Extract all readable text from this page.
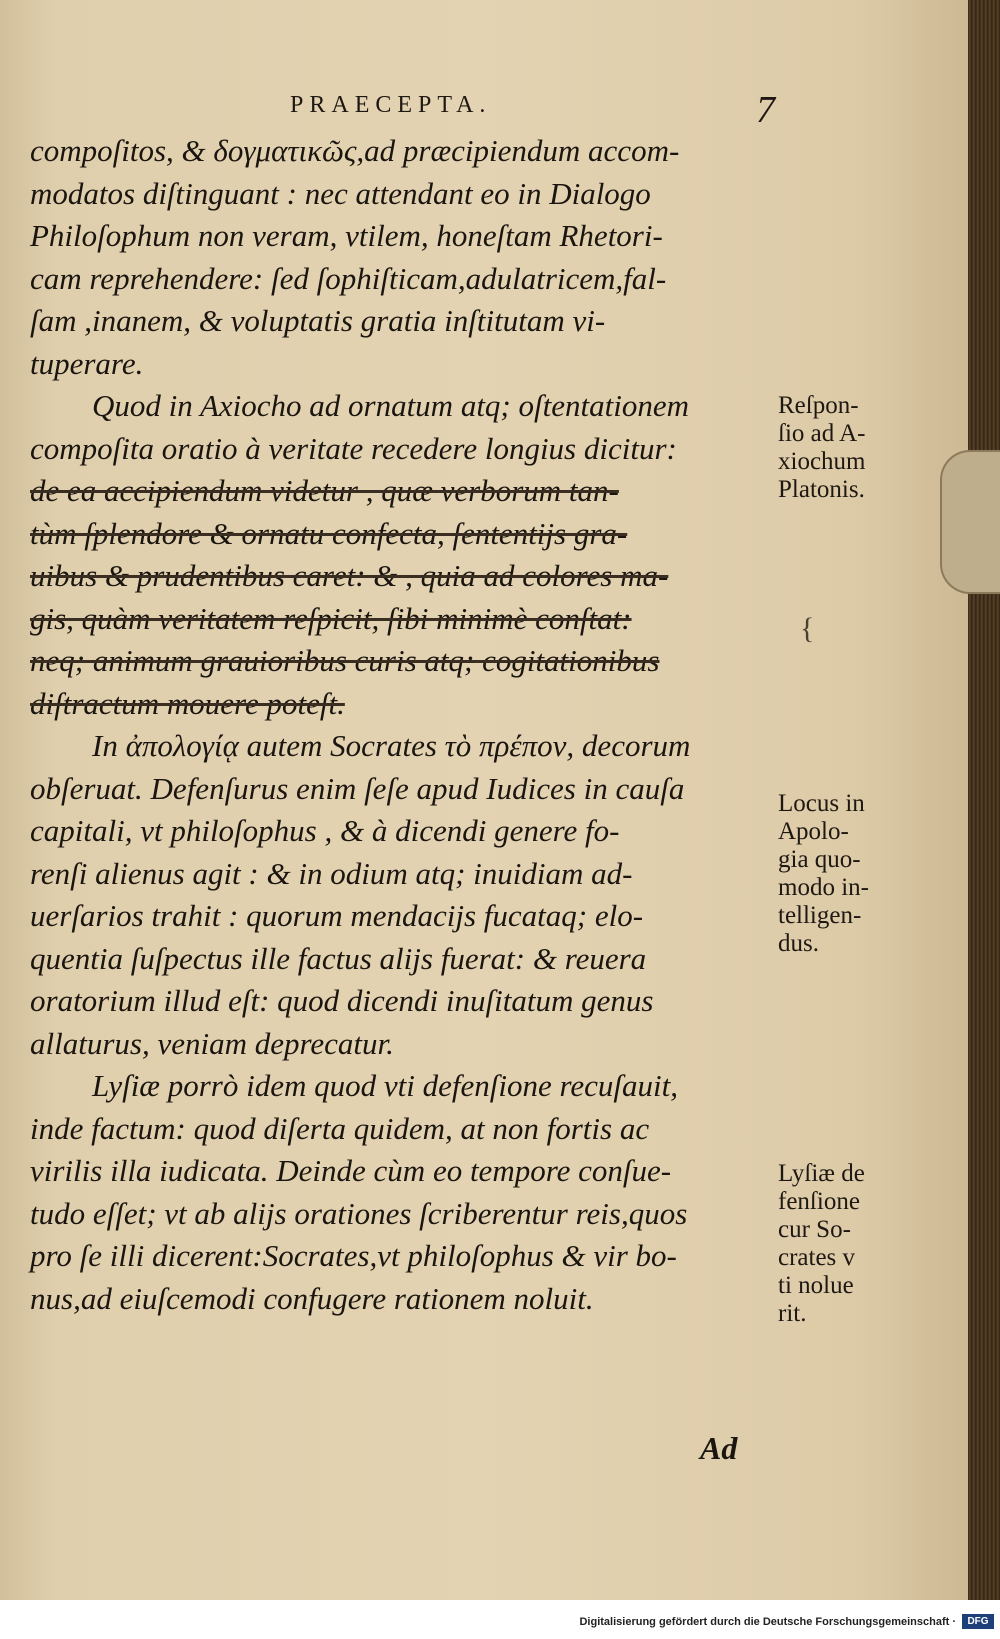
PRAECEPTA.	7
compoſitos, & δογματικῶς,ad præcipiendum accom-
modatos diſtinguant : nec attendant eo in Dialogo
Philoſophum non veram, vtilem, honeſtam Rhetori-
cam reprehendere: ſed ſophiſticam,adulatricem,fal-
ſam ,inanem, & voluptatis gratia inſtitutam vi-
tuperare.
Quod in Axiocho ad ornatum atq; oſtentationem
compoſita oratio à veritate recedere longius dicitur:
de ea accipiendum videtur , quæ verborum tan-
tùm ſplendore & ornatu confecta, ſententijs gra-
uibus & prudentibus caret: & , quia ad colores ma-
gis, quàm veritatem reſpicit, ſibi minimè conſtat:
neq; animum grauioribus curis atq; cogitationibus
diſtractum mouere poteſt.
In ἀπολογίᾳ autem Socrates τὸ πρέπον, decorum
obſeruat. Defenſurus enim ſeſe apud Iudices in cauſa
capitali, vt philoſophus , & à dicendi genere fo-
renſi alienus agit : & in odium atq; inuidiam ad-
uerſarios trahit : quorum mendacijs fucataq; elo-
quentia ſuſpectus ille factus alijs fuerat: & reuera
oratorium illud eſt: quod dicendi inuſitatum genus
allaturus, veniam deprecatur.
Lyſiæ porrò idem quod vti defenſione recuſauit,
inde factum: quod diſerta quidem, at non fortis ac
virilis illa iudicata. Deinde cùm eo tempore conſue-
tudo eſſet; vt ab alijs orationes ſcriberentur reis,quos
pro ſe illi dicerent:Socrates,vt philoſophus & vir bo-
nus,ad eiuſcemodi confugere rationem noluit.
Reſpon-
ſio ad A-
xiochum
Platonis.
{
Locus in
Apolo-
gia quo-
modo in-
telligen-
dus.
Lyſiæ de
fenſione
cur So-
crates v
ti nolue
rit.
Ad
Digitalisierung gefördert durch die Deutsche Forschungsgemeinschaft ·	DFG
